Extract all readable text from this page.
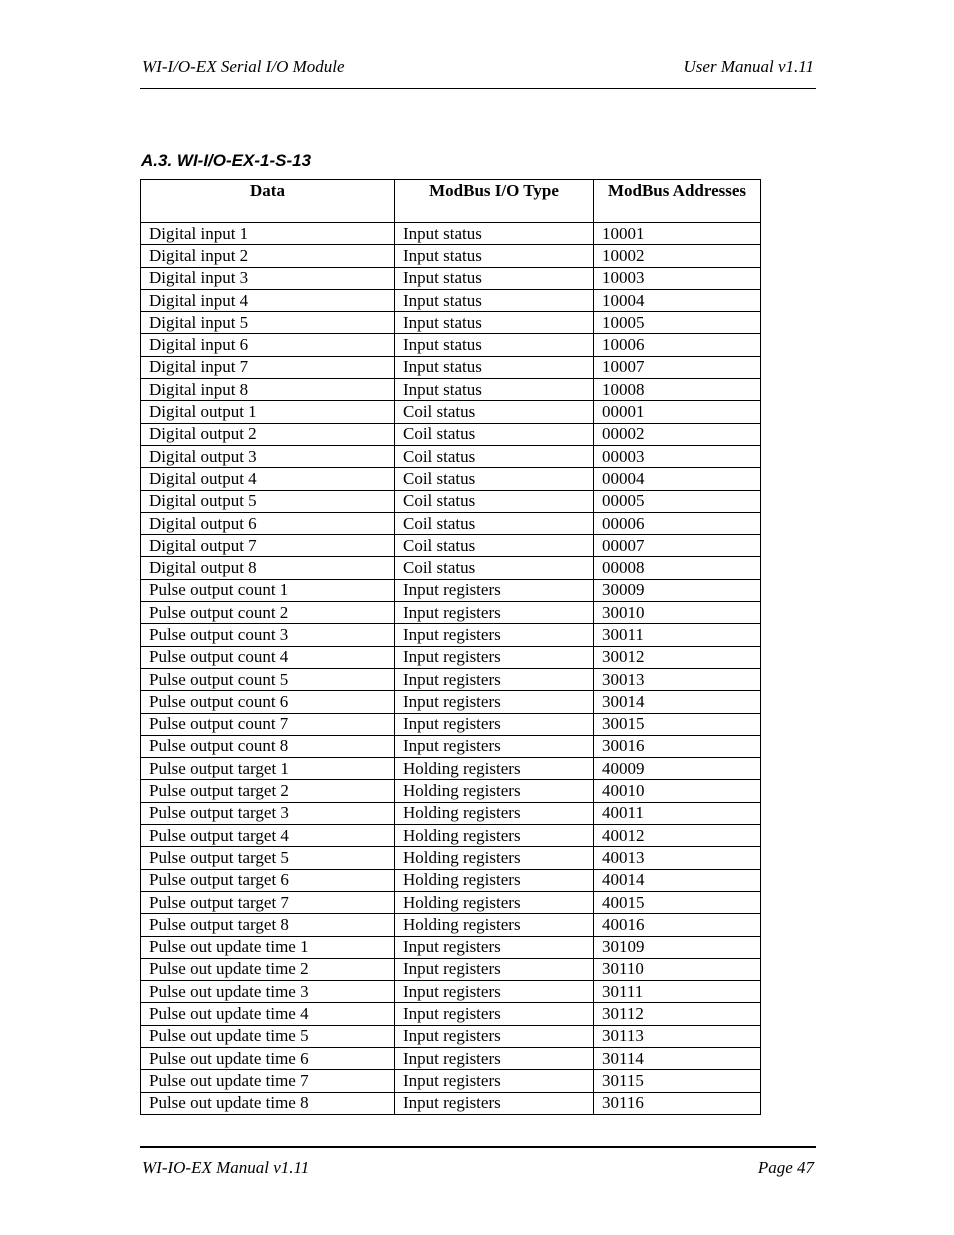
WI-I/O-EX Serial I/O Module	User Manual v1.11
A.3. WI-I/O-EX-1-S-13
Data	ModBus I/O Type	ModBus Addresses
Digital input 1	Input status	10001
Digital input 2	Input status	10002
Digital input 3	Input status	10003
Digital input 4	Input status	10004
Digital input 5	Input status	10005
Digital input 6	Input status	10006
Digital input 7	Input status	10007
Digital input 8	Input status	10008
Digital output 1	Coil status	00001
Digital output 2	Coil status	00002
Digital output 3	Coil status	00003
Digital output 4	Coil status	00004
Digital output 5	Coil status	00005
Digital output 6	Coil status	00006
Digital output 7	Coil status	00007
Digital output 8	Coil status	00008
Pulse output count 1	Input registers	30009
Pulse output count 2	Input registers	30010
Pulse output count 3	Input registers	30011
Pulse output count 4	Input registers	30012
Pulse output count 5	Input registers	30013
Pulse output count 6	Input registers	30014
Pulse output count 7	Input registers	30015
Pulse output count 8	Input registers	30016
Pulse output target 1	Holding registers	40009
Pulse output target 2	Holding registers	40010
Pulse output target 3	Holding registers	40011
Pulse output target 4	Holding registers	40012
Pulse output target 5	Holding registers	40013
Pulse output target 6	Holding registers	40014
Pulse output target 7	Holding registers	40015
Pulse output target 8	Holding registers	40016
Pulse out update time 1	Input registers	30109
Pulse out update time 2	Input registers	30110
Pulse out update time 3	Input registers	30111
Pulse out update time 4	Input registers	30112
Pulse out update time 5	Input registers	30113
Pulse out update time 6	Input registers	30114
Pulse out update time 7	Input registers	30115
Pulse out update time 8	Input registers	30116
WI-IO-EX Manual v1.11	Page 47
